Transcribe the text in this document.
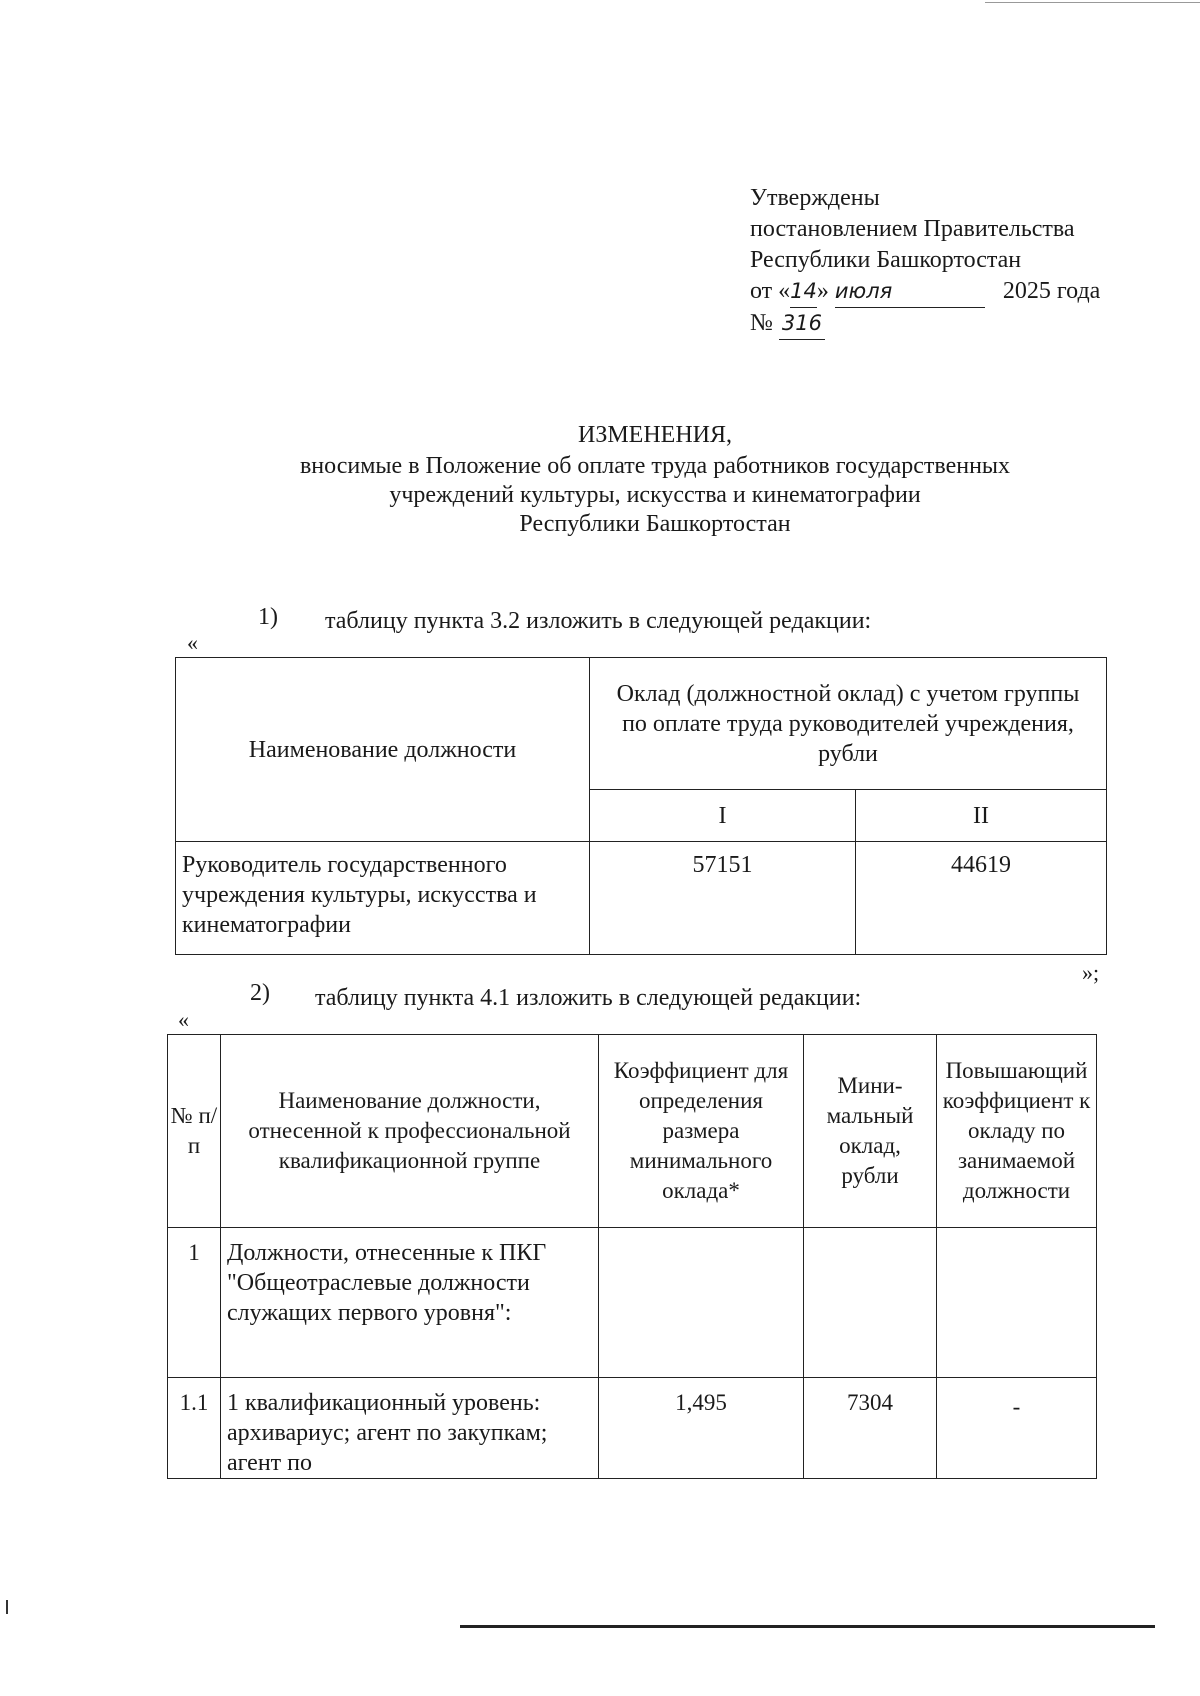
Утверждены
постановлением Правительства
Республики Башкортостан
от «14» июля	2025 года
№ 316
ИЗМЕНЕНИЯ,
вносимые в Положение об оплате труда работников государственных
учреждений культуры, искусства и кинематографии
Республики Башкортостан
1) таблицу пункта 3.2 изложить в следующей редакции:
«
Наименование должности	Оклад (должностной оклад) с учетом группы по оплате труда руководителей учреждения, рубли	
	I	II
Руководитель государственного учреждения культуры, искусства и кинематографии	57151	44619
»;
2) таблицу пункта 4.1 изложить в следующей редакции:
«
№ п/п	Наименование должности, отнесенной к профессиональной квалификационной группе	Коэффициент для определения размера минимального оклада*	Мини-мальный оклад, рубли	Повышающий коэффициент к окладу по занимаемой должности
1	Должности, отнесенные к ПКГ "Общеотраслевые должности служащих первого уровня":			
1.1	1 квалификационный уровень: архивариус; агент по закупкам; агент по	1,495	7304	-
